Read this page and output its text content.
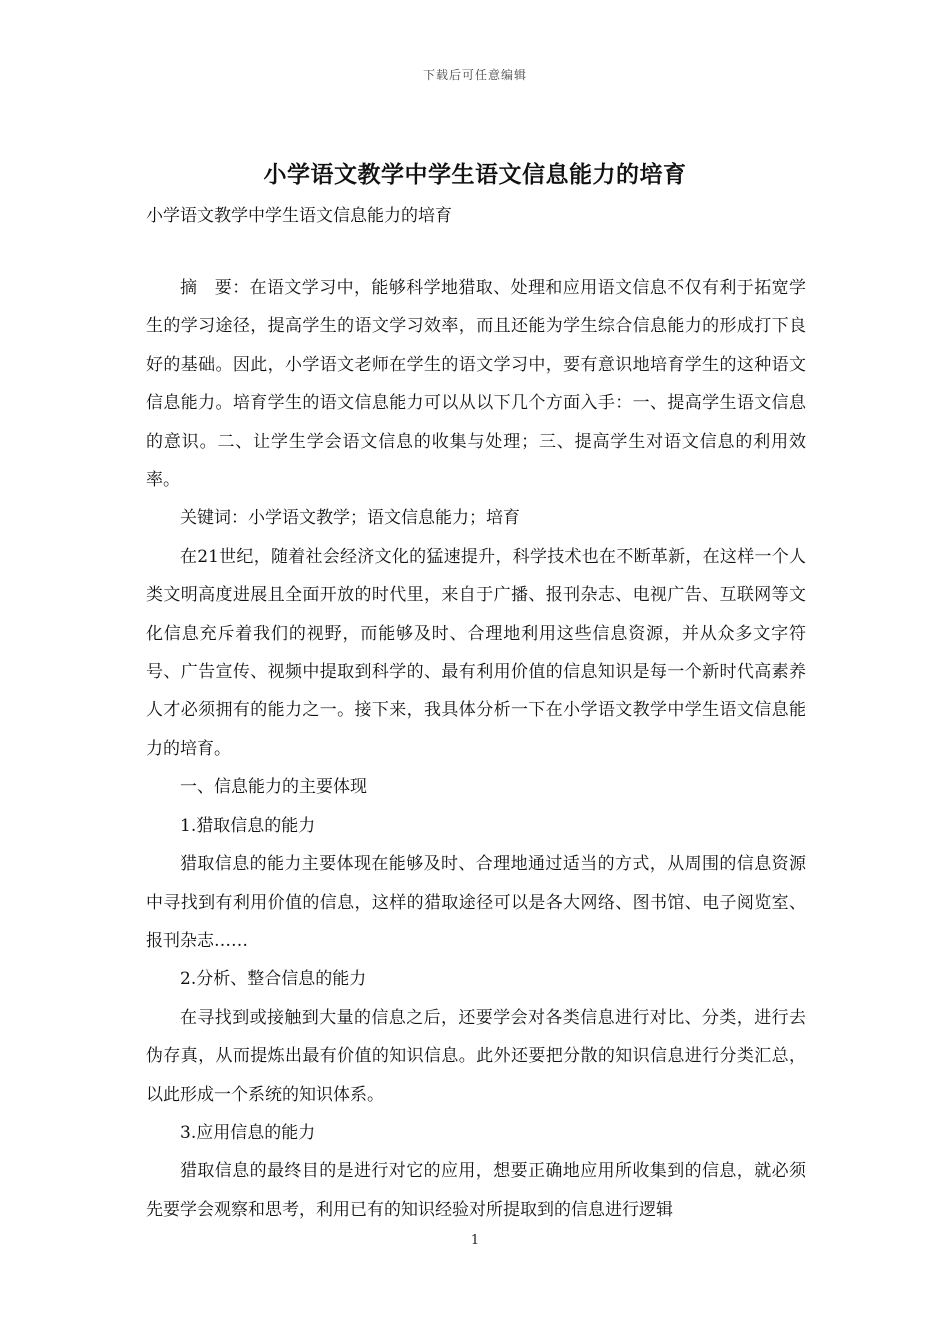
下载后可任意编辑
小学语文教学中学生语文信息能力的培育
小学语文教学中学生语文信息能力的培育

摘　要：在语文学习中，能够科学地猎取、处理和应用语文信息不仅有利于拓宽学生的学习途径，提高学生的语文学习效率，而且还能为学生综合信息能力的形成打下良好的基础。因此，小学语文老师在学生的语文学习中，要有意识地培育学生的这种语文信息能力。培育学生的语文信息能力可以从以下几个方面入手：一、提高学生语文信息的意识。二、让学生学会语文信息的收集与处理；三、提高学生对语文信息的利用效率。

关键词：小学语文教学；语文信息能力；培育

在21世纪，随着社会经济文化的猛速提升，科学技术也在不断革新，在这样一个人类文明高度进展且全面开放的时代里，来自于广播、报刊杂志、电视广告、互联网等文化信息充斥着我们的视野，而能够及时、合理地利用这些信息资源，并从众多文字符号、广告宣传、视频中提取到科学的、最有利用价值的信息知识是每一个新时代高素养人才必须拥有的能力之一。接下来，我具体分析一下在小学语文教学中学生语文信息能力的培育。

一、信息能力的主要体现

1.猎取信息的能力

猎取信息的能力主要体现在能够及时、合理地通过适当的方式，从周围的信息资源中寻找到有利用价值的信息，这样的猎取途径可以是各大网络、图书馆、电子阅览室、报刊杂志……

2.分析、整合信息的能力

在寻找到或接触到大量的信息之后，还要学会对各类信息进行对比、分类，进行去伪存真，从而提炼出最有价值的知识信息。此外还要把分散的知识信息进行分类汇总，以此形成一个系统的知识体系。

3.应用信息的能力

猎取信息的最终目的是进行对它的应用，想要正确地应用所收集到的信息，就必须先要学会观察和思考，利用已有的知识经验对所提取到的信息进行逻辑

1
